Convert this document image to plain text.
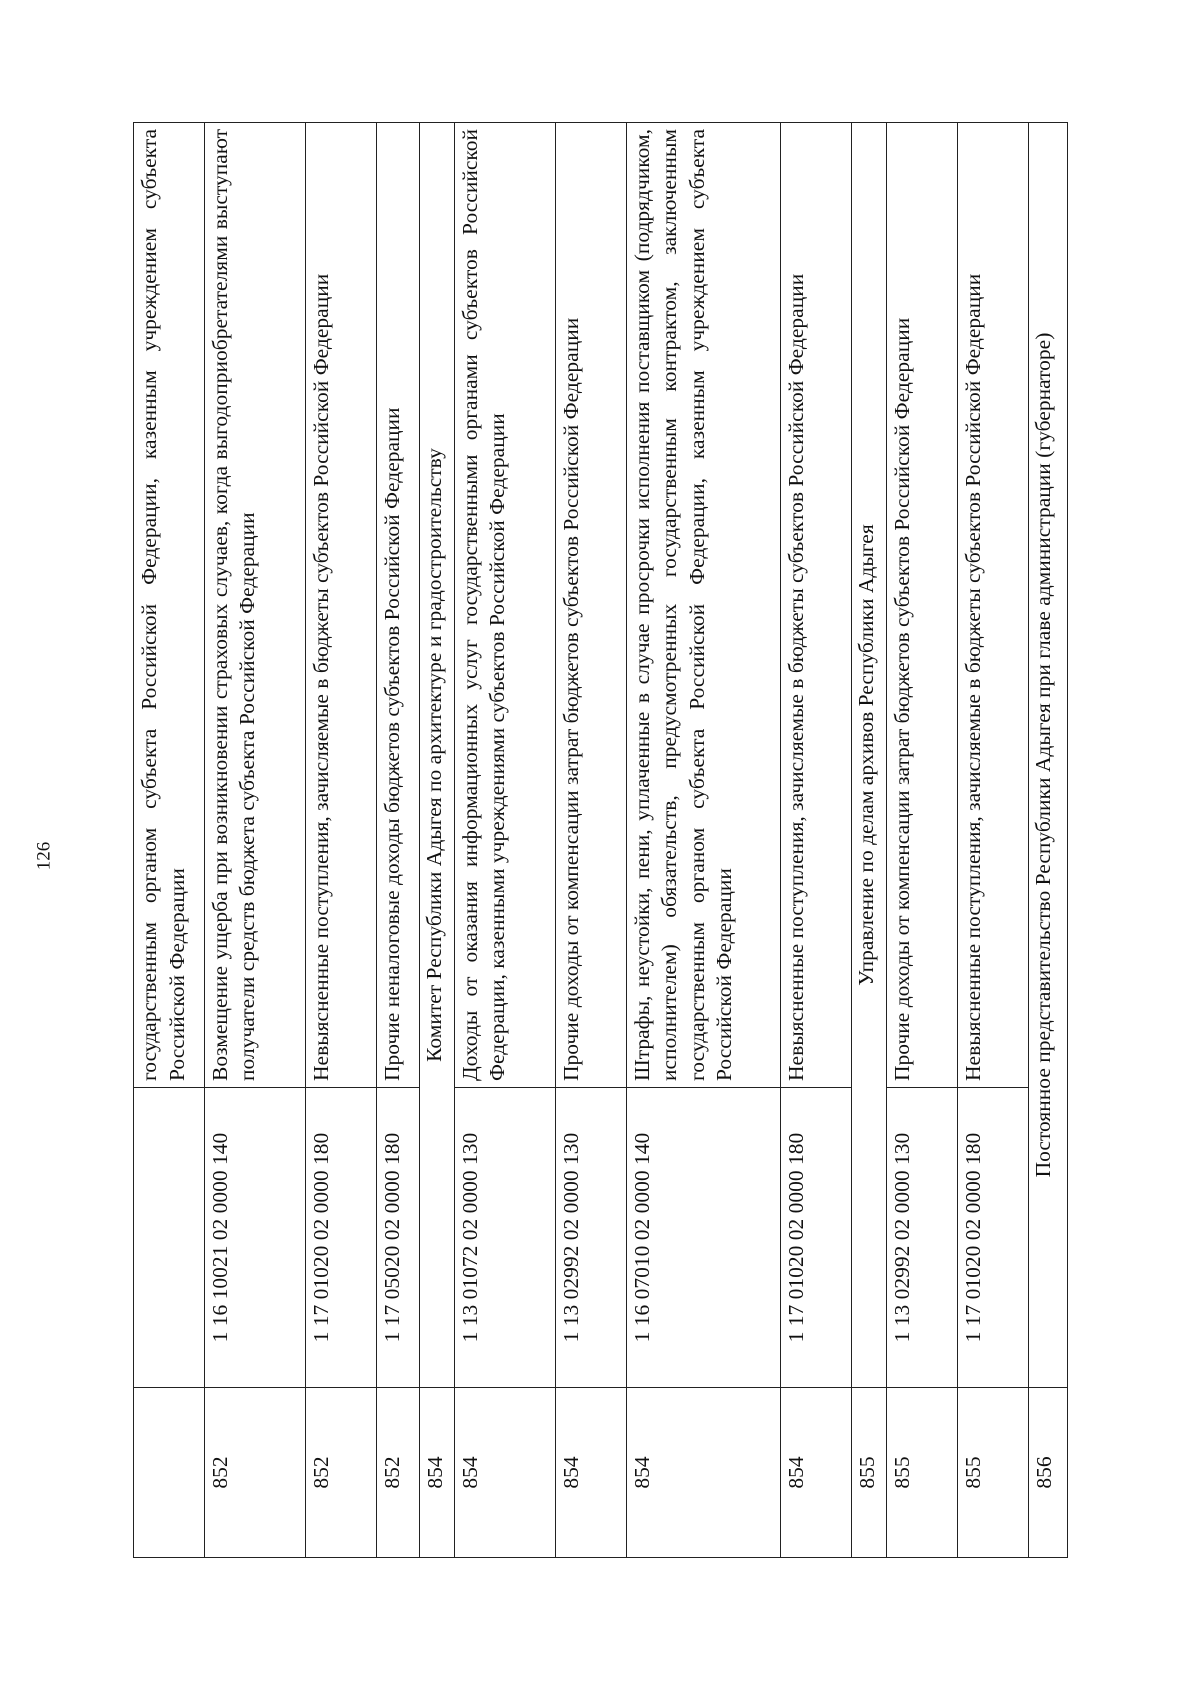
126
			государственным органом субъекта Российской Федерации, казенным учреждением субъекта Российской Федерации
852	1 16 10021 02 0000 140	Возмещение ущерба при возникновении страховых случаев, когда выгодоприобретателями выступают получатели средств бюджета субъекта Российской Федерации
852	1 17 01020 02 0000 180	Невыясненные поступления, зачисляемые в бюджеты субъектов Российской Федерации
852	1 17 05020 02 0000 180	Прочие неналоговые доходы бюджетов субъектов Российской Федерации
854	Комитет Республики Адыгея по архитектуре и градостроительству	
854	1 13 01072 02 0000 130	Доходы от оказания информационных услуг государственными органами субъектов Российской Федерации, казенными учреждениями субъектов Российской Федерации
854	1 13 02992 02 0000 130	Прочие доходы от компенсации затрат бюджетов субъектов Российской Федерации
854	1 16 07010 02 0000 140	Штрафы, неустойки, пени, уплаченные в случае просрочки исполнения поставщиком (подрядчиком, исполнителем) обязательств, предусмотренных государственным контрактом, заключенным государственным органом субъекта Российской Федерации, казенным учреждением субъекта Российской Федерации
854	1 17 01020 02 0000 180	Невыясненные поступления, зачисляемые в бюджеты субъектов Российской Федерации
855	Управление по делам архивов Республики Адыгея	
855	1 13 02992 02 0000 130	Прочие доходы от компенсации затрат бюджетов субъектов Российской Федерации
855	1 17 01020 02 0000 180	Невыясненные поступления, зачисляемые в бюджеты субъектов Российской Федерации
856	Постоянное представительство Республики Адыгея при главе администрации (губернаторе)	
